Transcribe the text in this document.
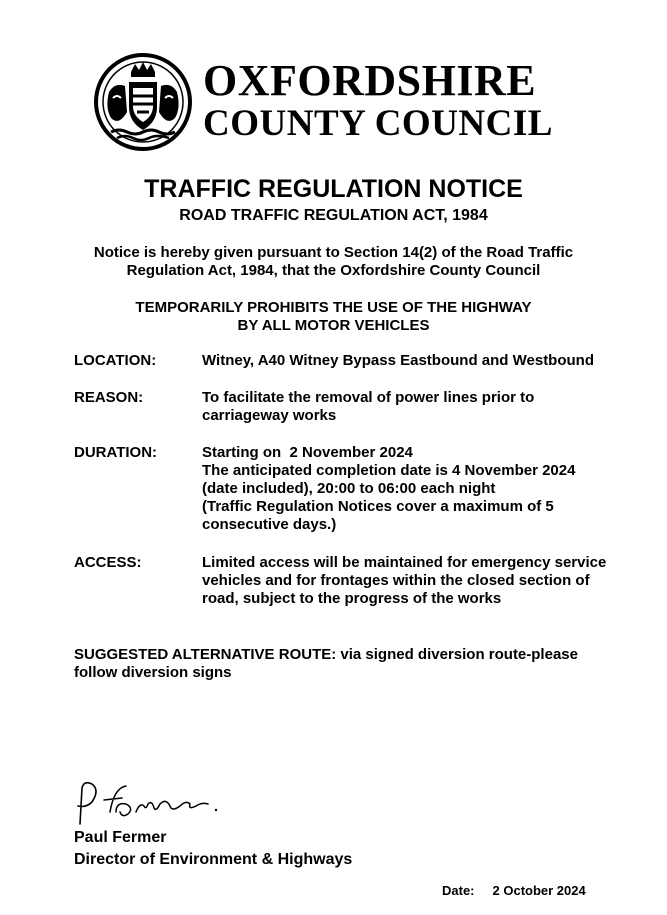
OXFORDSHIRE
COUNTY COUNCIL
TRAFFIC REGULATION NOTICE
ROAD TRAFFIC REGULATION ACT, 1984
Notice is hereby given pursuant to Section 14(2) of the Road Traffic
Regulation Act, 1984, that the Oxfordshire County Council
TEMPORARILY PROHIBITS THE USE OF THE HIGHWAY
BY ALL MOTOR VEHICLES
LOCATION:	Witney, A40 Witney Bypass Eastbound and Westbound
REASON:	To facilitate the removal of power lines prior to
carriageway works
DURATION:	Starting on  2 November 2024
The anticipated completion date is 4 November 2024
(date included), 20:00 to 06:00 each night
(Traffic Regulation Notices cover a maximum of 5
consecutive days.)
ACCESS:	Limited access will be maintained for emergency service
vehicles and for frontages within the closed section of
road, subject to the progress of the works
SUGGESTED ALTERNATIVE ROUTE: via signed diversion route-please
follow diversion signs
Paul Fermer
Director of Environment & Highways
Date: 2 October 2024
